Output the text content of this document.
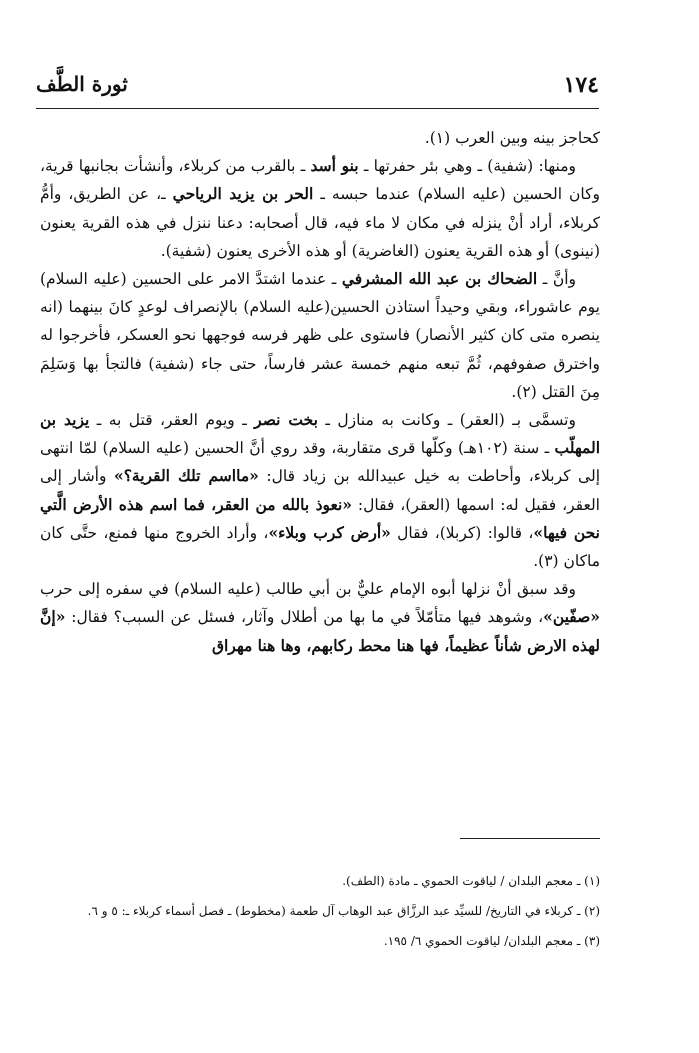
١٧٤
ثورة الطَّف

كحاجز بينه وبين العرب (١).

ومنها: (شفية) ـ وهي بئر حفرتها ـ بنو أسد ـ بالقرب من كربلاء، وأنشأت بجانبها قرية، وكان الحسين (عليه السلام) عندما حبسه ـ الحر بن يزيد الرياحي ـ، عن الطريق، وأمُّ كربلاء، أراد أنْ ينزله في مكان لا ماء فيه، قال أصحابه: دعنا ننزل في هذه القرية يعنون (نينوى) أو هذه القرية يعنون (الغاضرية) أو هذه الأخرى يعنون (شفية).

وأنَّ ـ الضحاك بن عبد الله المشرفي ـ عندما اشتدَّ الامر على الحسين (عليه السلام) يوم عاشوراء، وبقي وحيداً استاذن الحسين(عليه السلام) بالإنصراف لوعدٍ كانَ بينهما (انه ينصره متى كان كثير الأنصار) فاستوى على ظهر فرسه فوجهها نحو العسكر، فأخرجوا له واخترق صفوفهم، ثُمَّ تبعه منهم خمسة عشر فارساً، حتى جاء (شفية) فالتجأ بها وَسَلِمَ مِنَ القتل (٢).

وتسمَّى بـ (العقر) ـ وكانت به منازل ـ بخت نصر ـ ويوم العقر، قتل به ـ يزيد بن المهلّب ـ سنة (١٠٢هـ) وكلّها قرى متقاربة، وقد روي أنَّ الحسين (عليه السلام) لمّا انتهى إلى كربلاء، وأحاطت به خيل عبيدالله بن زياد قال: «مااسم تلك القرية؟» وأشار إلى العقر، فقيل له: اسمها (العقر)، فقال: «نعوذ بالله من العقر، فما اسم هذه الأرض الَّتي نحن فيها»، قالوا: (كربلا)، فقال «أرض كرب وبلاء»، وأراد الخروج منها فمنع، حتَّى كان ماكان (٣).

وقد سبق أنْ نزلها أبوه الإمام عليٌّ بن أبي طالب (عليه السلام) في سفره إلى حرب «صفّين»، وشوهد فيها متأمّلاً في ما بها من أطلال وآثار، فسئل عن السبب؟ فقال: «إنَّ لهذه الارض شأناً عظيماً، فها هنا محط ركابهم، وها هنا مهراق

(١) ـ معجم البلدان / لياقوت الحموي ـ مادة (الطف).
(٢) ـ كربلاء في التاريخ/ للسيِّد عبد الرزَّاق عبد الوهاب آل طعمة (مخطوط) ـ فصل أسماء كربلاء ـ: ٥ و ٦.
(٣) ـ معجم البلدان/ لياقوت الحموي ٦/ ١٩٥.
